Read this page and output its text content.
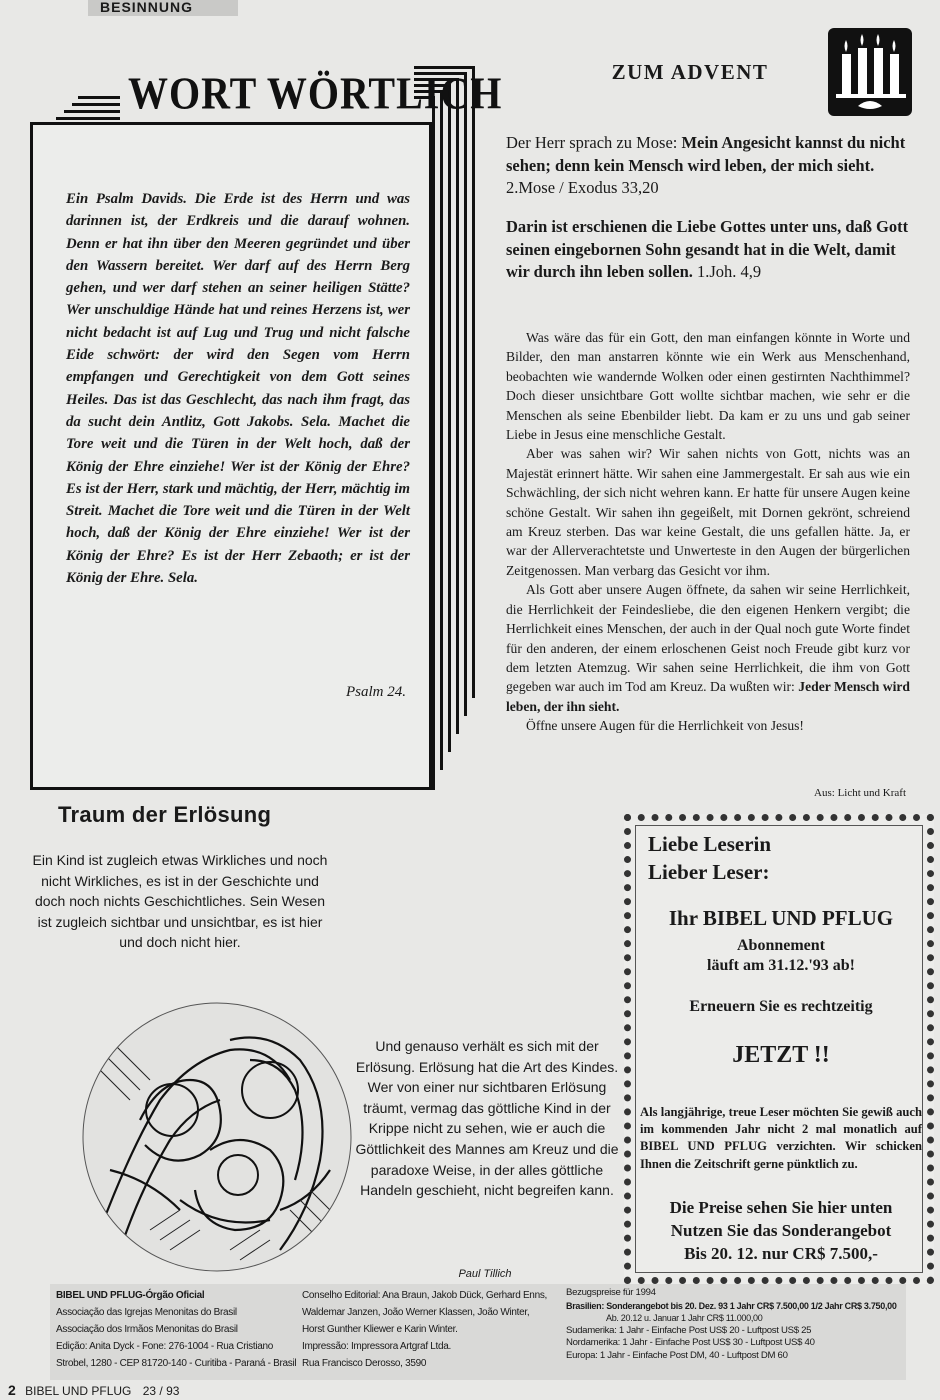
BESINNUNG
WORT WÖRTLICH
Ein Psalm Davids. Die Erde ist des Herrn und was darinnen ist, der Erdkreis und die darauf wohnen. Denn er hat ihn über den Meeren gegründet und über den Wassern bereitet. Wer darf auf des Herrn Berg gehen, und wer darf stehen an seiner heiligen Stätte? Wer unschuldige Hände hat und reines Herzens ist, wer nicht bedacht ist auf Lug und Trug und nicht falsche Eide schwört: der wird den Segen vom Herrn empfangen und Gerechtigkeit von dem Gott seines Heiles. Das ist das Geschlecht, das nach ihm fragt, das da sucht dein Antlitz, Gott Jakobs. Sela. Machet die Tore weit und die Türen in der Welt hoch, daß der König der Ehre einziehe! Wer ist der König der Ehre? Es ist der Herr, stark und mächtig, der Herr, mächtig im Streit. Machet die Tore weit und die Türen in der Welt hoch, daß der König der Ehre einziehe! Wer ist der König der Ehre? Es ist der Herr Zebaoth; er ist der König der Ehre. Sela.
Psalm 24.
ZUM ADVENT
Der Herr sprach zu Mose: Mein Angesicht kannst du nicht sehen; denn kein Mensch wird leben, der mich sieht. 2.Mose / Exodus 33,20
Darin ist erschienen die Liebe Gottes unter uns, daß Gott seinen eingebornen Sohn gesandt hat in die Welt, damit wir durch ihn leben sollen. 1.Joh. 4,9

Was wäre das für ein Gott, den man einfangen könnte in Worte und Bilder, den man anstarren könnte wie ein Werk aus Menschenhand, beobachten wie wandernde Wolken oder einen gestirnten Nachthimmel? Doch dieser unsichtbare Gott wollte sichtbar machen, wie sehr er die Menschen als seine Ebenbilder liebt. Da kam er zu uns und gab seiner Liebe in Jesus eine menschliche Gestalt.

Aber was sahen wir? Wir sahen nichts von Gott, nichts was an Majestät erinnert hätte. Wir sahen eine Jammergestalt. Er sah aus wie ein Schwächling, der sich nicht wehren kann. Er hatte für unsere Augen keine schöne Gestalt. Wir sahen ihn gegeißelt, mit Dornen gekrönt, schreiend am Kreuz sterben. Das war keine Gestalt, die uns gefallen hätte. Ja, er war der Allerverachtetste und Unwerteste in den Augen der bürgerlichen Zeitgenossen. Man verbarg das Gesicht vor ihm.

Als Gott aber unsere Augen öffnete, da sahen wir seine Herrlichkeit, die Herrlichkeit der Feindesliebe, die den eigenen Henkern vergibt; die Herrlichkeit eines Menschen, der auch in der Qual noch gute Worte findet für den anderen, der einem erloschenen Geist noch Freude gibt kurz vor dem letzten Atemzug. Wir sahen seine Herrlichkeit, die ihm von Gott gegeben war auch im Tod am Kreuz. Da wußten wir: Jeder Mensch wird leben, der ihn sieht.

Öffne unsere Augen für die Herrlichkeit von Jesus!

Aus: Licht und Kraft
Traum der Erlösung
Ein Kind ist zugleich etwas Wirkliches und noch nicht Wirkliches, es ist in der Geschichte und doch noch nichts Geschichtliches. Sein Wesen ist zugleich sichtbar und unsichtbar, es ist hier und doch nicht hier.
Und genauso verhält es sich mit der Erlösung. Erlösung hat die Art des Kindes. Wer von einer nur sichtbaren Erlösung träumt, vermag das göttliche Kind in der Krippe nicht zu sehen, wie er auch die Göttlichkeit des Mannes am Kreuz und die paradoxe Weise, in der alles göttliche Handeln geschieht, nicht begreifen kann.
Paul Tillich
Liebe Leserin
Lieber Leser:
Ihr BIBEL UND PFLUG
Abonnement
läuft am 31.12.'93 ab!
Erneuern Sie es rechtzeitig
JETZT !!
Als langjährige, treue Leser möchten Sie gewiß auch im kommenden Jahr nicht 2 mal monatlich auf BIBEL UND PFLUG verzichten. Wir schicken Ihnen die Zeitschrift gerne pünktlich zu.
Die Preise sehen Sie hier unten
Nutzen Sie das Sonderangebot
Bis 20. 12. nur CR$ 7.500,-
BIBEL UND PFLUG-Órgão Oficial
Associação das Igrejas Menonitas do Brasil
Associação dos Irmãos Menonitas do Brasil
Edição: Anita Dyck - Fone: 276-1004 - Rua Cristiano
Strobel, 1280 - CEP 81720-140 - Curitiba - Paraná - Brasil
Conselho Editorial: Ana Braun, Jakob Dück, Gerhard Enns,
Waldemar Janzen, João Werner Klassen, João Winter,
Horst Gunther Kliewer e Karin Winter.
Impressão: Impressora Artgraf Ltda.
Rua Francisco Derosso, 3590
Bezugspreise für 1994
Brasilien: Sonderangebot bis 20. Dez. 93 1 Jahr CR$ 7.500,00 1/2 Jahr CR$ 3.750,00
Ab. 20.12 u. Januar 1 Jahr CR$ 11.000,00
Sudamerika: 1 Jahr - Einfache Post US$ 20 - Luftpost US$ 25
Nordamerika: 1 Jahr - Einfache Post US$ 30 - Luftpost US$ 40
Europa: 1 Jahr - Einfache Post DM, 40 - Luftpost DM 60
2 BIBEL UND PFLUG 23 / 93
